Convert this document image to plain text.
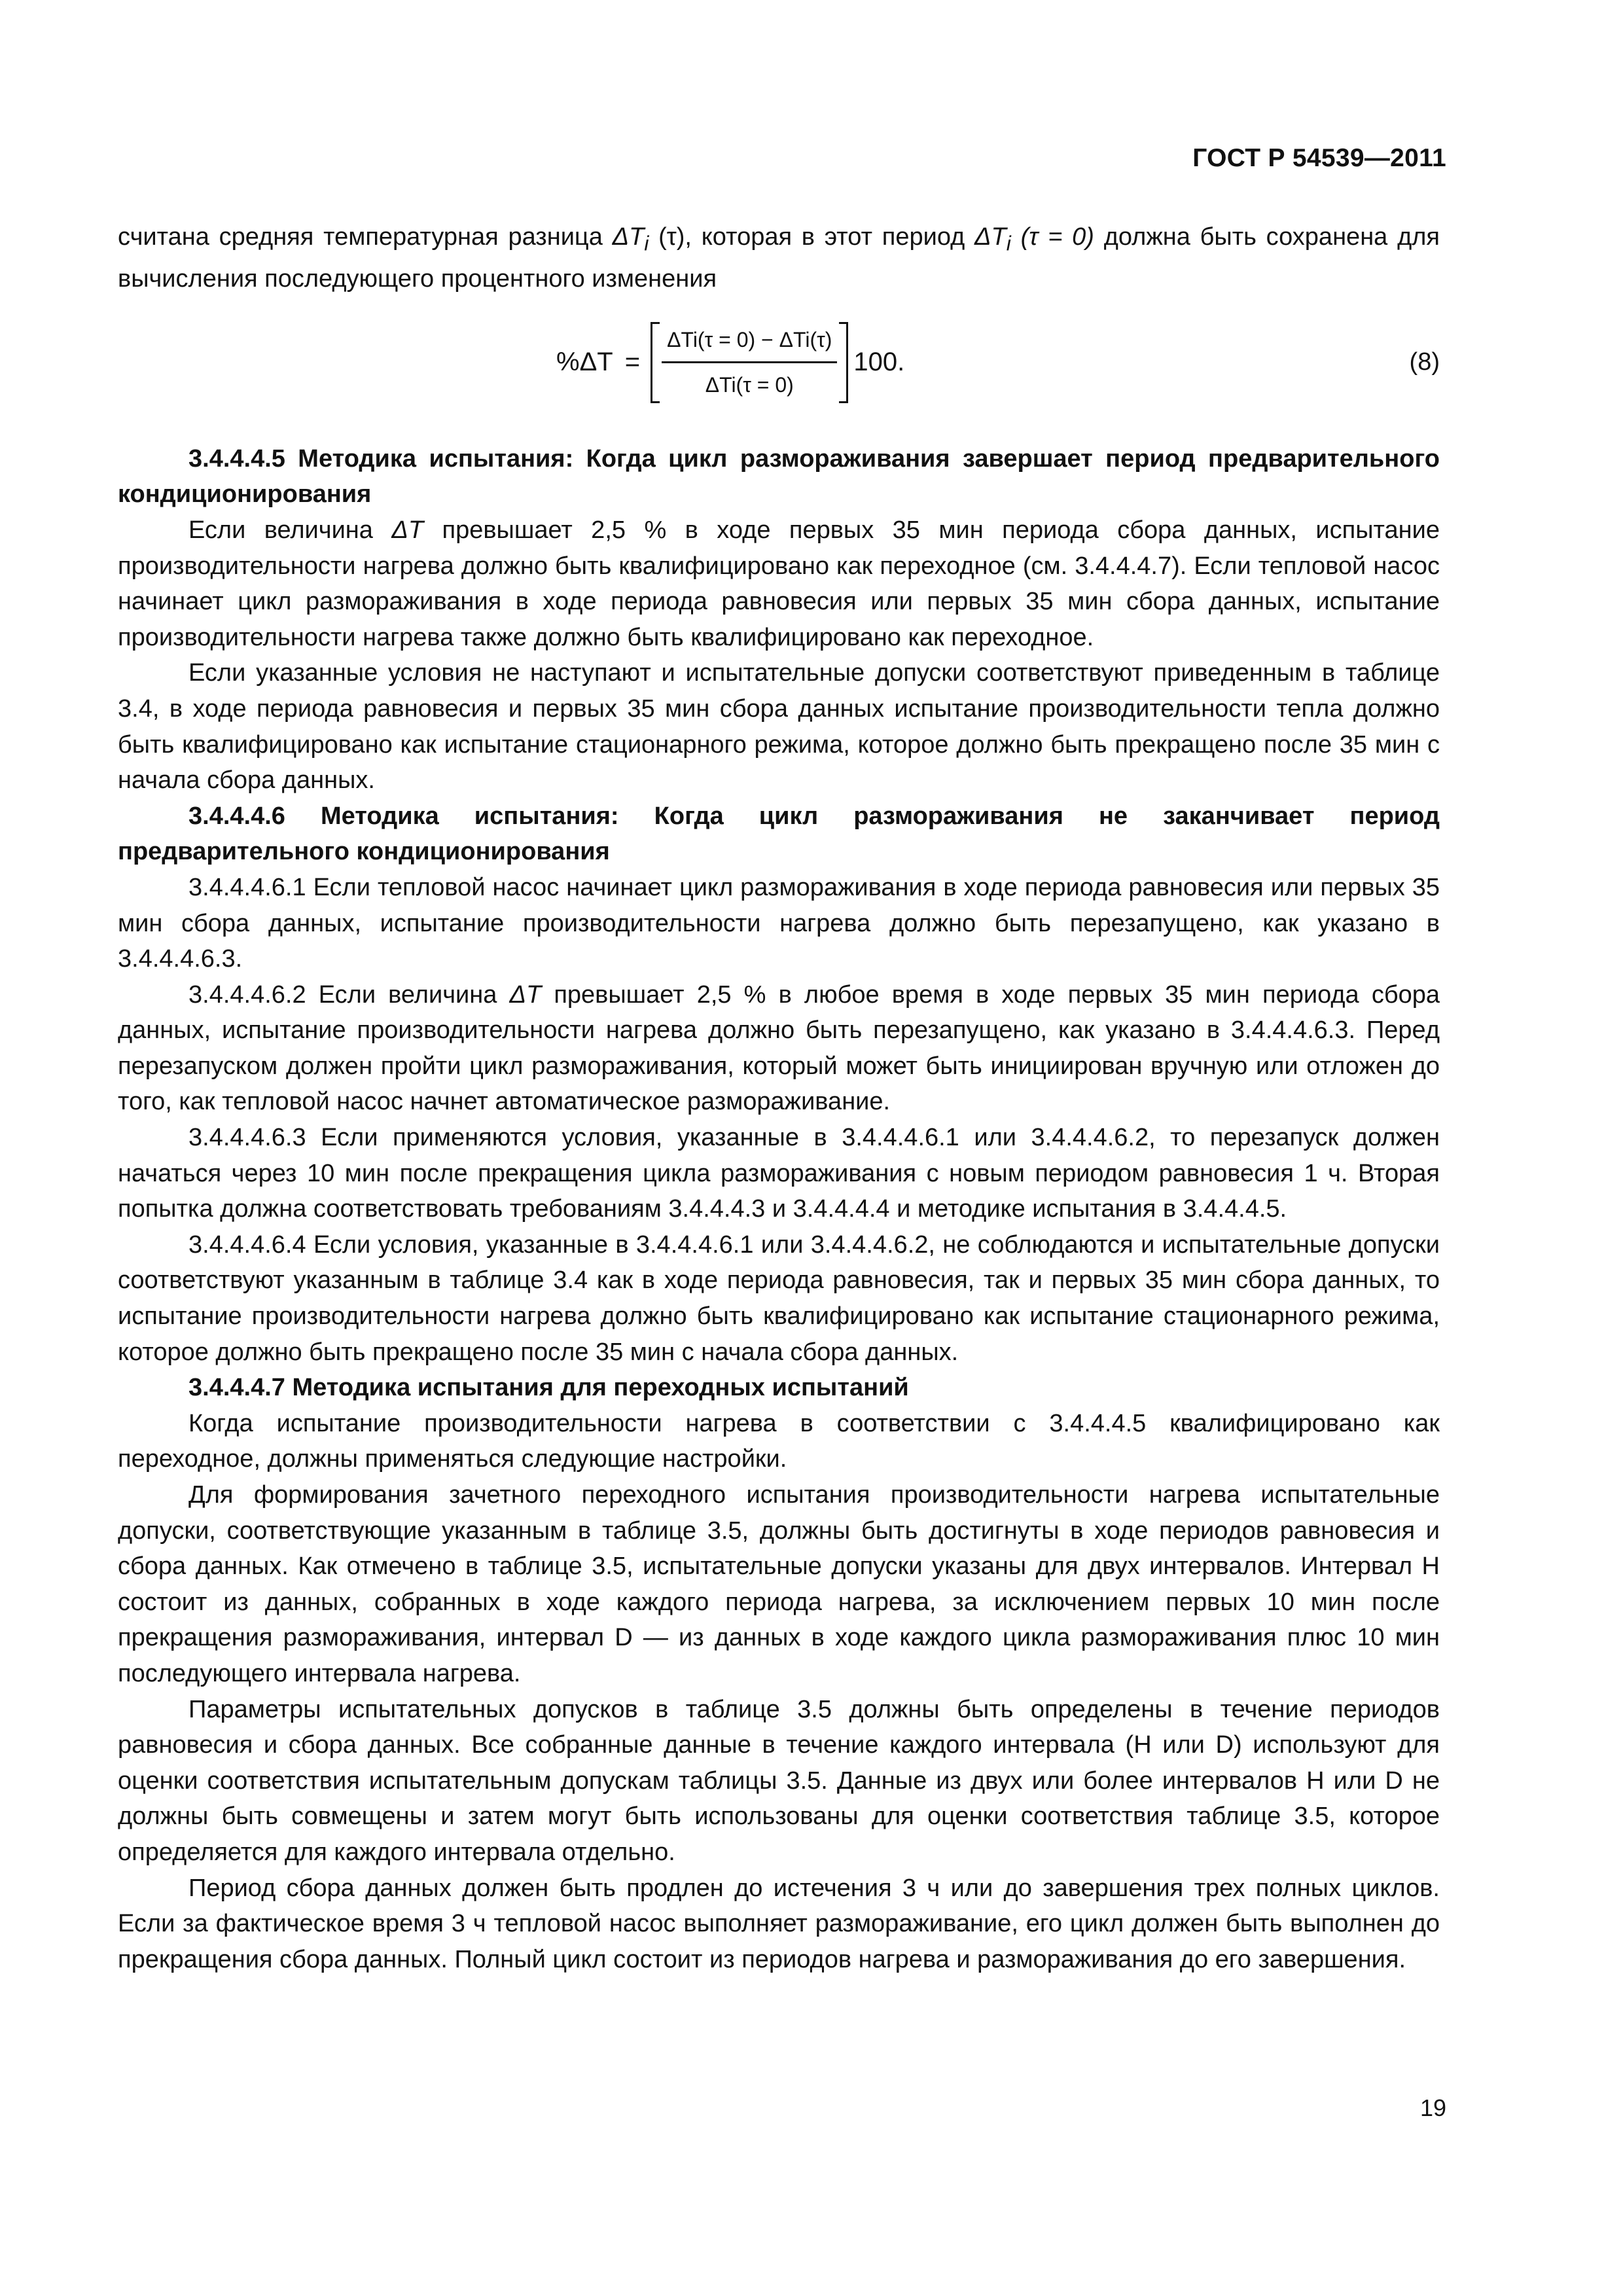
ГОСТ Р 54539—2011

считана средняя температурная разница $\Delta T_i$ (τ), которая в этот период $\Delta T_i$ (τ = 0) должна быть сохранена для вычисления последующего процентного изменения

%ΔT =
ΔTi(τ = 0) − ΔTi(τ)
ΔTi(τ = 0)
100.	(8)

3.4.4.4.5 Методика испытания: Когда цикл размораживания завершает период предварительного кондиционирования

Если величина ΔT превышает 2,5 % в ходе первых 35 мин периода сбора данных, испытание производительности нагрева должно быть квалифицировано как переходное (см. 3.4.4.4.7). Если тепловой насос начинает цикл размораживания в ходе периода равновесия или первых 35 мин сбора данных, испытание производительности нагрева также должно быть квалифицировано как переходное.

Если указанные условия не наступают и испытательные допуски соответствуют приведенным в таблице 3.4, в ходе периода равновесия и первых 35 мин сбора данных испытание производительности тепла должно быть квалифицировано как испытание стационарного режима, которое должно быть прекращено после 35 мин с начала сбора данных.

3.4.4.4.6 Методика испытания: Когда цикл размораживания не заканчивает период предварительного кондиционирования

3.4.4.4.6.1 Если тепловой насос начинает цикл размораживания в ходе периода равновесия или первых 35 мин сбора данных, испытание производительности нагрева должно быть перезапущено, как указано в 3.4.4.4.6.3.

3.4.4.4.6.2 Если величина ΔT превышает 2,5 % в любое время в ходе первых 35 мин периода сбора данных, испытание производительности нагрева должно быть перезапущено, как указано в 3.4.4.4.6.3. Перед перезапуском должен пройти цикл размораживания, который может быть инициирован вручную или отложен до того, как тепловой насос начнет автоматическое размораживание.

3.4.4.4.6.3 Если применяются условия, указанные в 3.4.4.4.6.1 или 3.4.4.4.6.2, то перезапуск должен начаться через 10 мин после прекращения цикла размораживания с новым периодом равновесия 1 ч. Вторая попытка должна соответствовать требованиям 3.4.4.4.3 и 3.4.4.4.4 и методике испытания в 3.4.4.4.5.

3.4.4.4.6.4 Если условия, указанные в 3.4.4.4.6.1 или 3.4.4.4.6.2, не соблюдаются и испытательные допуски соответствуют указанным в таблице 3.4 как в ходе периода равновесия, так и первых 35 мин сбора данных, то испытание производительности нагрева должно быть квалифицировано как испытание стационарного режима, которое должно быть прекращено после 35 мин с начала сбора данных.

3.4.4.4.7 Методика испытания для переходных испытаний

Когда испытание производительности нагрева в соответствии с 3.4.4.4.5 квалифицировано как переходное, должны применяться следующие настройки.

Для формирования зачетного переходного испытания производительности нагрева испытательные допуски, соответствующие указанным в таблице 3.5, должны быть достигнуты в ходе периодов равновесия и сбора данных. Как отмечено в таблице 3.5, испытательные допуски указаны для двух интервалов. Интервал H состоит из данных, собранных в ходе каждого периода нагрева, за исключением первых 10 мин после прекращения размораживания, интервал D — из данных в ходе каждого цикла размораживания плюс 10 мин последующего интервала нагрева.

Параметры испытательных допусков в таблице 3.5 должны быть определены в течение периодов равновесия и сбора данных. Все собранные данные в течение каждого интервала (H или D) используют для оценки соответствия испытательным допускам таблицы 3.5. Данные из двух или более интервалов H или D не должны быть совмещены и затем могут быть использованы для оценки соответствия таблице 3.5, которое определяется для каждого интервала отдельно.

Период сбора данных должен быть продлен до истечения 3 ч или до завершения трех полных циклов. Если за фактическое время 3 ч тепловой насос выполняет размораживание, его цикл должен быть выполнен до прекращения сбора данных. Полный цикл состоит из периодов нагрева и размораживания до его завершения.

19
